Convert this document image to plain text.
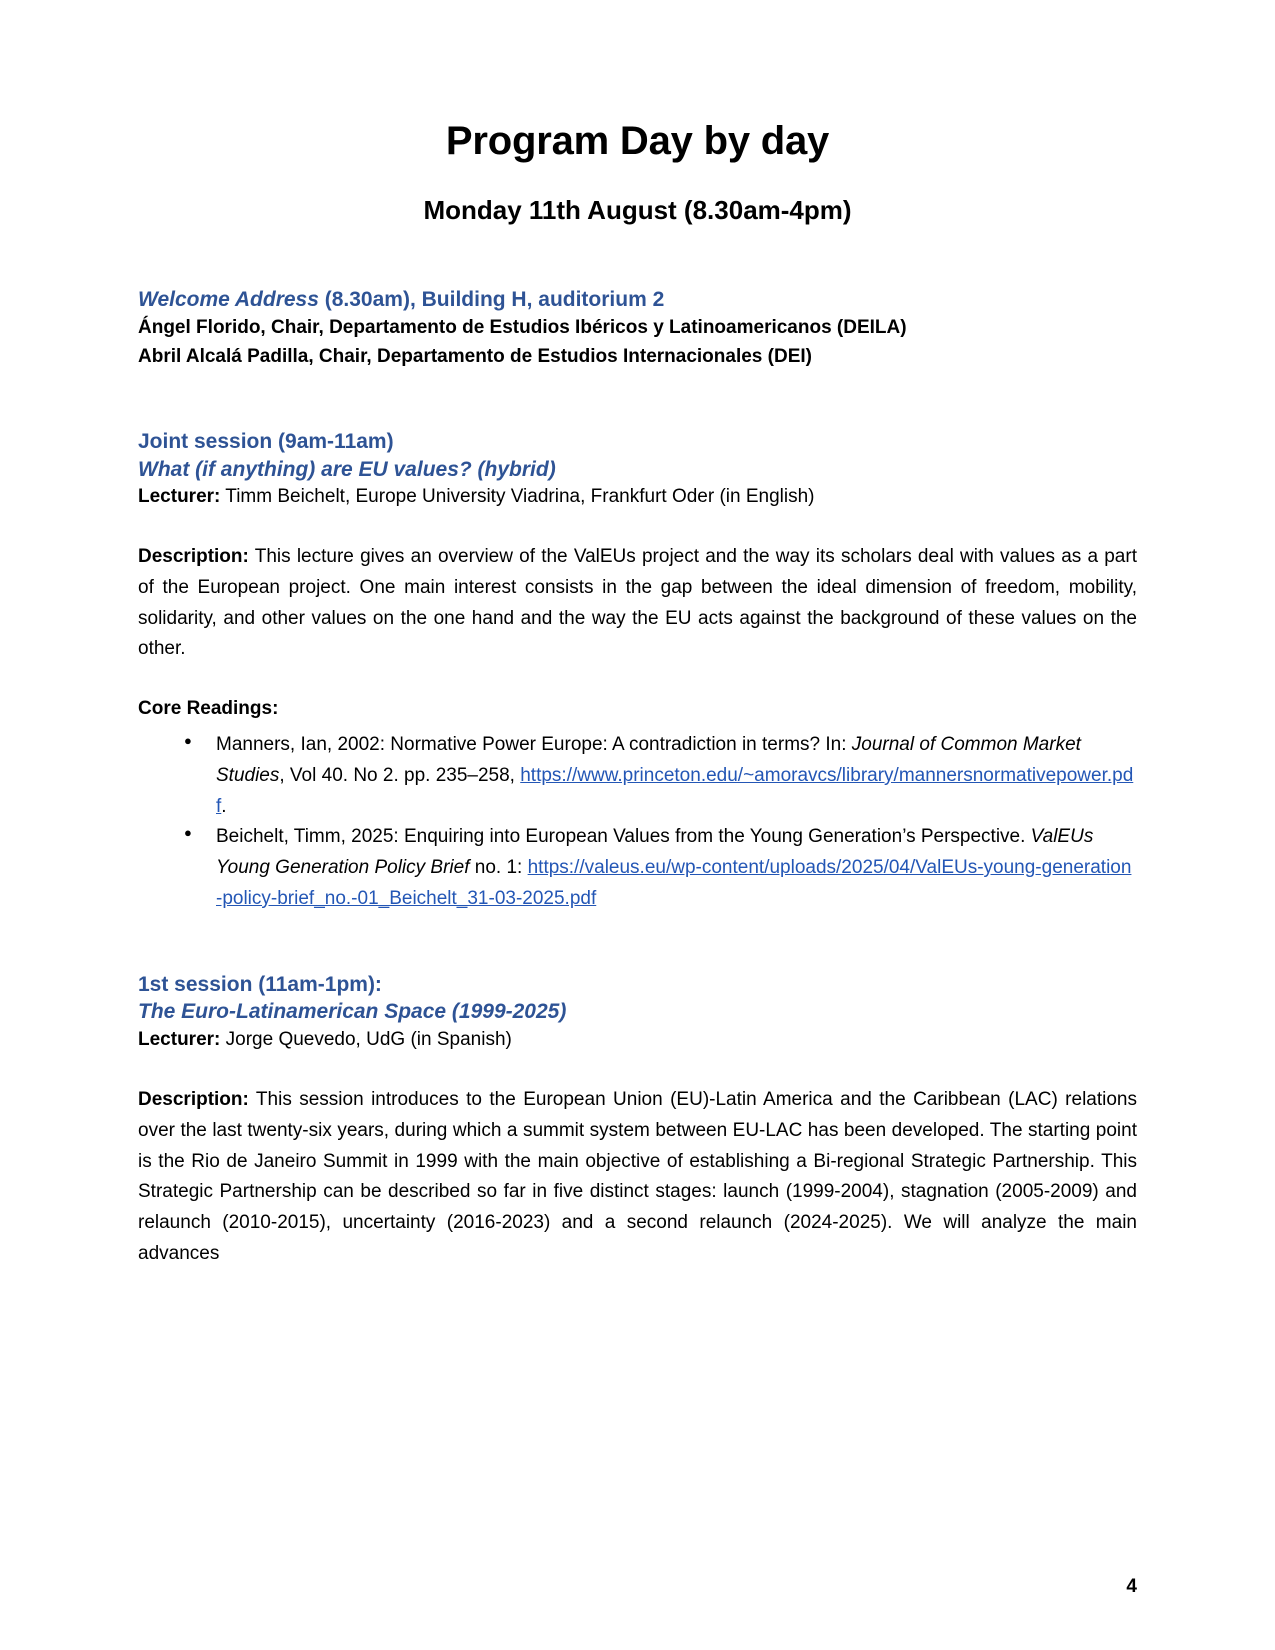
Program Day by day
Monday 11th August (8.30am-4pm)

Welcome Address (8.30am), Building H, auditorium 2

Ángel Florido, Chair, Departamento de Estudios Ibéricos y Latinoamericanos (DEILA)

Abril Alcalá Padilla, Chair, Departamento de Estudios Internacionales (DEI)

Joint session (9am-11am)

What (if anything) are EU values? (hybrid)

Lecturer: Timm Beichelt, Europe University Viadrina, Frankfurt Oder (in English)

Description: This lecture gives an overview of the ValEUs project and the way its scholars deal with values as a part of the European project. One main interest consists in the gap between the ideal dimension of freedom, mobility, solidarity, and other values on the one hand and the way the EU acts against the background of these values on the other.

Core Readings:

● Manners, Ian, 2002: Normative Power Europe: A contradiction in terms? In: Journal of Common Market Studies, Vol 40. No 2. pp. 235–258, https://www.princeton.edu/~amoravcs/library/mannersnormativepower.pdf.
● Beichelt, Timm, 2025: Enquiring into European Values from the Young Generation’s Perspective. ValEUs Young Generation Policy Brief no. 1: https://valeus.eu/wp-content/uploads/2025/04/ValEUs-young-generation-policy-brief_no.-01_Beichelt_31-03-2025.pdf

1st session (11am-1pm):

The Euro-Latinamerican Space (1999-2025)

Lecturer: Jorge Quevedo, UdG (in Spanish)

Description: This session introduces to the European Union (EU)-Latin America and the Caribbean (LAC) relations over the last twenty-six years, during which a summit system between EU-LAC has been developed. The starting point is the Rio de Janeiro Summit in 1999 with the main objective of establishing a Bi-regional Strategic Partnership. This Strategic Partnership can be described so far in five distinct stages: launch (1999-2004), stagnation (2005-2009) and relaunch (2010-2015), uncertainty (2016-2023) and a second relaunch (2024-2025). We will analyze the main advances

4
